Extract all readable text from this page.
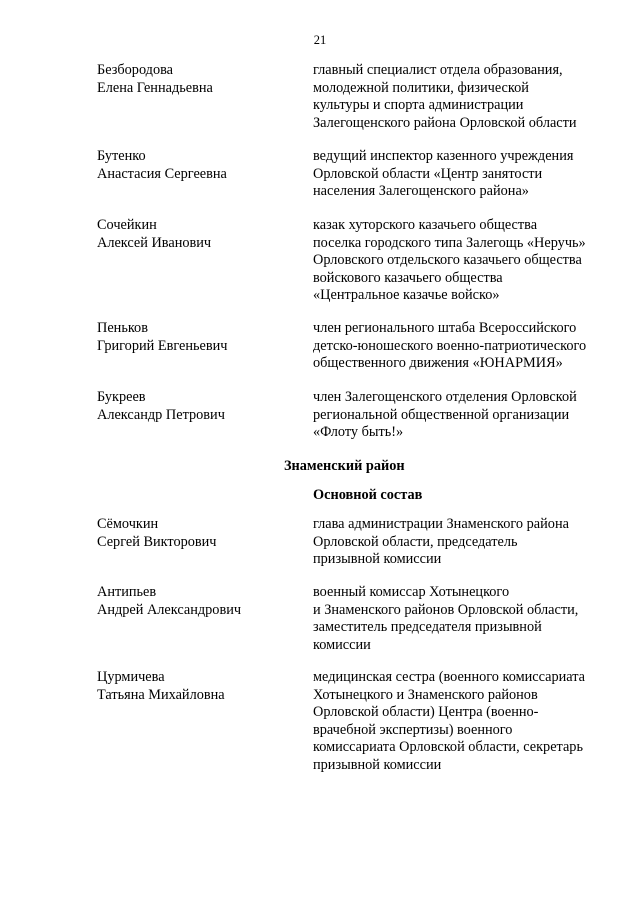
21
Безбородова
Елена Геннадьевна
главный специалист отдела образования,
молодежной политики, физической
культуры и спорта администрации
Залегощенского района Орловской области
Бутенко
Анастасия Сергеевна
ведущий инспектор казенного учреждения
Орловской области «Центр занятости
населения Залегощенского района»
Сочейкин
Алексей Иванович
казак хуторского казачьего общества
поселка городского типа Залегощь «Неручь»
Орловского отдельского казачьего общества
войскового казачьего общества
«Центральное казачье войско»
Пеньков
Григорий Евгеньевич
член регионального штаба Всероссийского
детско-юношеского военно-патриотического
общественного движения «ЮНАРМИЯ»
Букреев
Александр Петрович
член Залегощенского отделения Орловской
региональной общественной организации
«Флоту быть!»
Знаменский район
Основной состав
Сёмочкин
Сергей Викторович
глава администрации Знаменского района
Орловской области, председатель
призывной комиссии
Антипьев
Андрей Александрович
военный комиссар Хотынецкого
и Знаменского районов Орловской области,
заместитель председателя призывной
комиссии
Цурмичева
Татьяна Михайловна
медицинская сестра (военного комиссариата
Хотынецкого и Знаменского районов
Орловской области) Центра (военно-
врачебной экспертизы) военного
комиссариата Орловской области, секретарь
призывной комиссии
